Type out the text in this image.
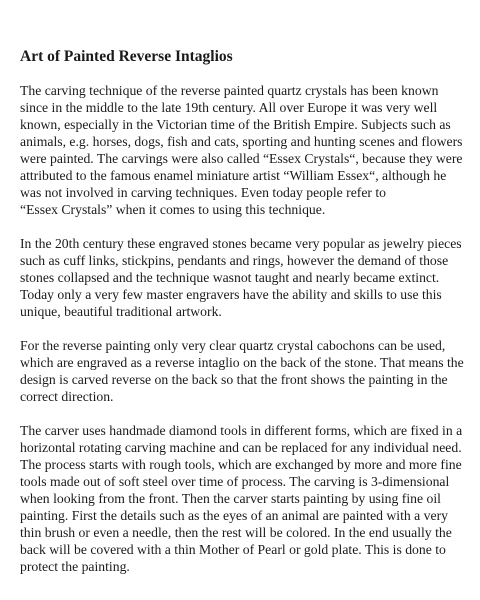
Art of Painted Reverse Intaglios

The carving technique of the reverse painted quartz crystals has been known
since in the middle to the late 19th century. All over Europe it was very well
known, especially in the Victorian time of the British Empire. Subjects such as
animals, e.g. horses, dogs, fish and cats, sporting and hunting scenes and flowers
were painted. The carvings were also called “Essex Crystals“, because they were
attributed to the famous enamel miniature artist “William Essex“, although he
was not involved in carving techniques. Even today people refer to
“Essex Crystals” when it comes to using this technique.

In the 20th century these engraved stones became very popular as jewelry pieces
such as cuff links, stickpins, pendants and rings, however the demand of those
stones collapsed and the technique wasnot taught and nearly became extinct.
Today only a very few master engravers have the ability and skills to use this
unique, beautiful traditional artwork.

For the reverse painting only very clear quartz crystal cabochons can be used,
which are engraved as a reverse intaglio on the back of the stone. That means the
design is carved reverse on the back so that the front shows the painting in the
correct direction.

The carver uses handmade diamond tools in different forms, which are fixed in a
horizontal rotating carving machine and can be replaced for any individual need.
The process starts with rough tools, which are exchanged by more and more fine
tools made out of soft steel over time of process. The carving is 3-dimensional
when looking from the front. Then the carver starts painting by using fine oil
painting. First the details such as the eyes of an animal are painted with a very
thin brush or even a needle, then the rest will be colored. In the end usually the
back will be covered with a thin Mother of Pearl or gold plate. This is done to
protect the painting.
